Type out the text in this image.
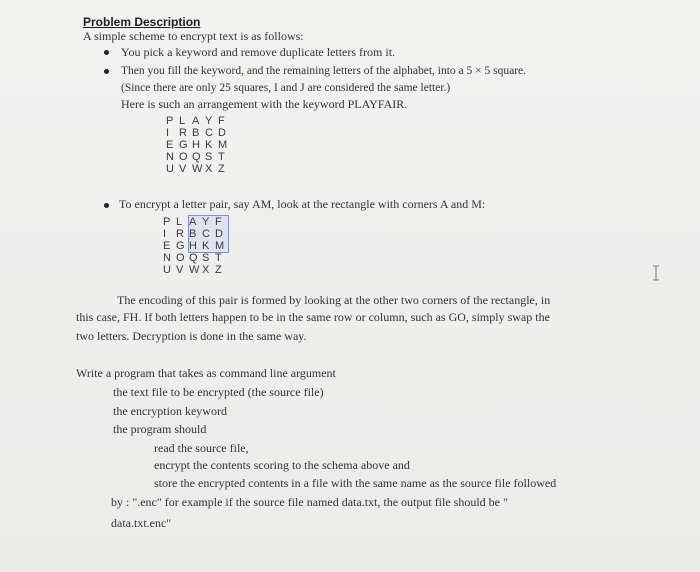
Problem Description
A simple scheme to encrypt text is as follows:
You pick a keyword and remove duplicate letters from it.
Then you fill the keyword, and the remaining letters of the alphabet, into a 5 × 5 square.
(Since there are only 25 squares, I and J are considered the same letter.)
Here is such an arrangement with the keyword PLAYFAIR.
P L A Y F
I R B C D
E G H K M
N O Q S T
U V W X Z
To encrypt a letter pair, say AM, look at the rectangle with corners A and M:
P L A Y F
I R B C D
E G H K M
N O Q S T
U V W X Z
The encoding of this pair is formed by looking at the other two corners of the rectangle, in
this case, FH. If both letters happen to be in the same row or column, such as GO, simply swap the
two letters. Decryption is done in the same way.
Write a program that takes as command line argument
the text file to be encrypted (the source file)
the encryption keyword
the program should
read the source file,
encrypt the contents scoring to the schema above and
store the encrypted contents in a file with the same name as the source file followed
by : ".enc" for example if the source file named data.txt, the output file should be "
data.txt.enc"
